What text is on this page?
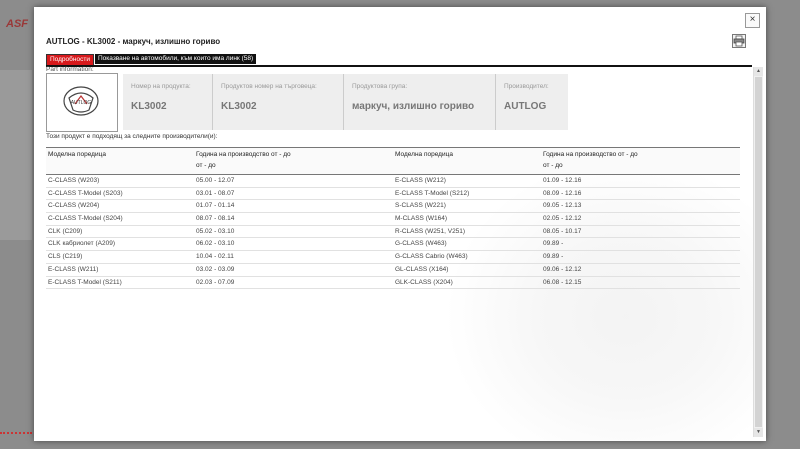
ASF	×
AUTLOG - KL3002 - маркуч, излишно гориво
Подробности	Показване на автомобили, към които има линк (58)
▲
▼
Part information:
AUTLOG
Номер на продукта:
KL3002
Продуктов номер на търговеца:
KL3002
Продуктова група:
маркуч, излишно гориво
Производител:
AUTLOG
Този продукт е подходящ за следните производители(и):
Моделна поредица	Година на производство от - до
от - до
Моделна поредица	Година на производство от - до
от - до
C-CLASS (W203)	05.00 - 12.07	E-CLASS (W212)	01.09 - 12.16
C-CLASS T-Model (S203)	03.01 - 08.07	E-CLASS T-Model (S212)	08.09 - 12.16
C-CLASS (W204)	01.07 - 01.14	S-CLASS (W221)	09.05 - 12.13
C-CLASS T-Model (S204)	08.07 - 08.14	M-CLASS (W164)	02.05 - 12.12
CLK (C209)	05.02 - 03.10	R-CLASS (W251, V251)	08.05 - 10.17
CLK кабриолет (A209)	06.02 - 03.10	G-CLASS (W463)	09.89 -
CLS (C219)	10.04 - 02.11	G-CLASS Cabrio (W463)	09.89 -
E-CLASS (W211)	03.02 - 03.09	GL-CLASS (X164)	09.06 - 12.12
E-CLASS T-Model (S211)	02.03 - 07.09	GLK-CLASS (X204)	06.08 - 12.15
